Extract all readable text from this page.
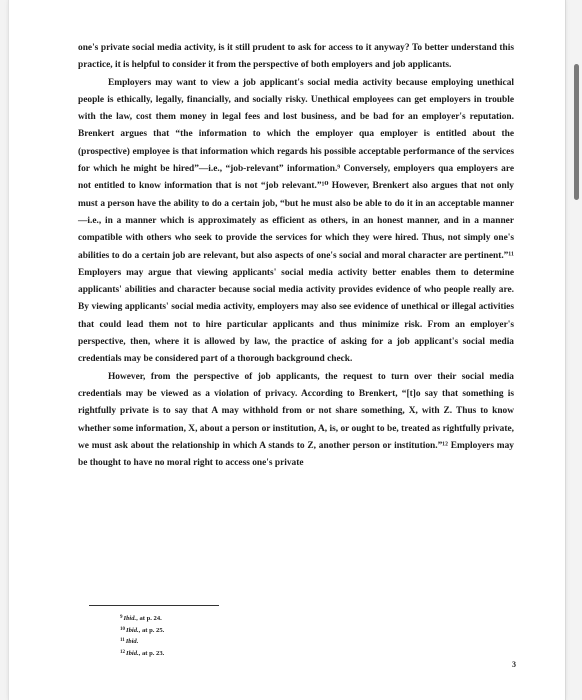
one's private social media activity, is it still prudent to ask for access to it anyway? To better understand this practice, it is helpful to consider it from the perspective of both employers and job applicants.

Employers may want to view a job applicant's social media activity because employing unethical people is ethically, legally, financially, and socially risky. Unethical employees can get employers in trouble with the law, cost them money in legal fees and lost business, and be bad for an employer's reputation. Brenkert argues that “the information to which the employer qua employer is entitled about the (prospective) employee is that information which regards his possible acceptable performance of the services for which he might be hired”—i.e., “job-relevant” information.⁹ Conversely, employers qua employers are not entitled to know information that is not “job relevant.”¹⁰ However, Brenkert also argues that not only must a person have the ability to do a certain job, “but he must also be able to do it in an acceptable manner—i.e., in a manner which is approximately as efficient as others, in an honest manner, and in a manner compatible with others who seek to provide the services for which they were hired. Thus, not simply one's abilities to do a certain job are relevant, but also aspects of one's social and moral character are pertinent.”¹¹ Employers may argue that viewing applicants' social media activity better enables them to determine applicants' abilities and character because social media activity provides evidence of who people really are. By viewing applicants' social media activity, employers may also see evidence of unethical or illegal activities that could lead them not to hire particular applicants and thus minimize risk. From an employer's perspective, then, where it is allowed by law, the practice of asking for a job applicant's social media credentials may be considered part of a thorough background check.

However, from the perspective of job applicants, the request to turn over their social media credentials may be viewed as a violation of privacy. According to Brenkert, “[t]o say that something is rightfully private is to say that A may withhold from or not share something, X, with Z. Thus to know whether some information, X, about a person or institution, A, is, or ought to be, treated as rightfully private, we must ask about the relationship in which A stands to Z, another person or institution.”¹² Employers may be thought to have no moral right to access one's private

$^9$Ibid., at p. 24.
$^{10}$Ibid., at p. 25.
$^{11}$Ibid.
$^{12}$Ibid., at p. 23.
3
